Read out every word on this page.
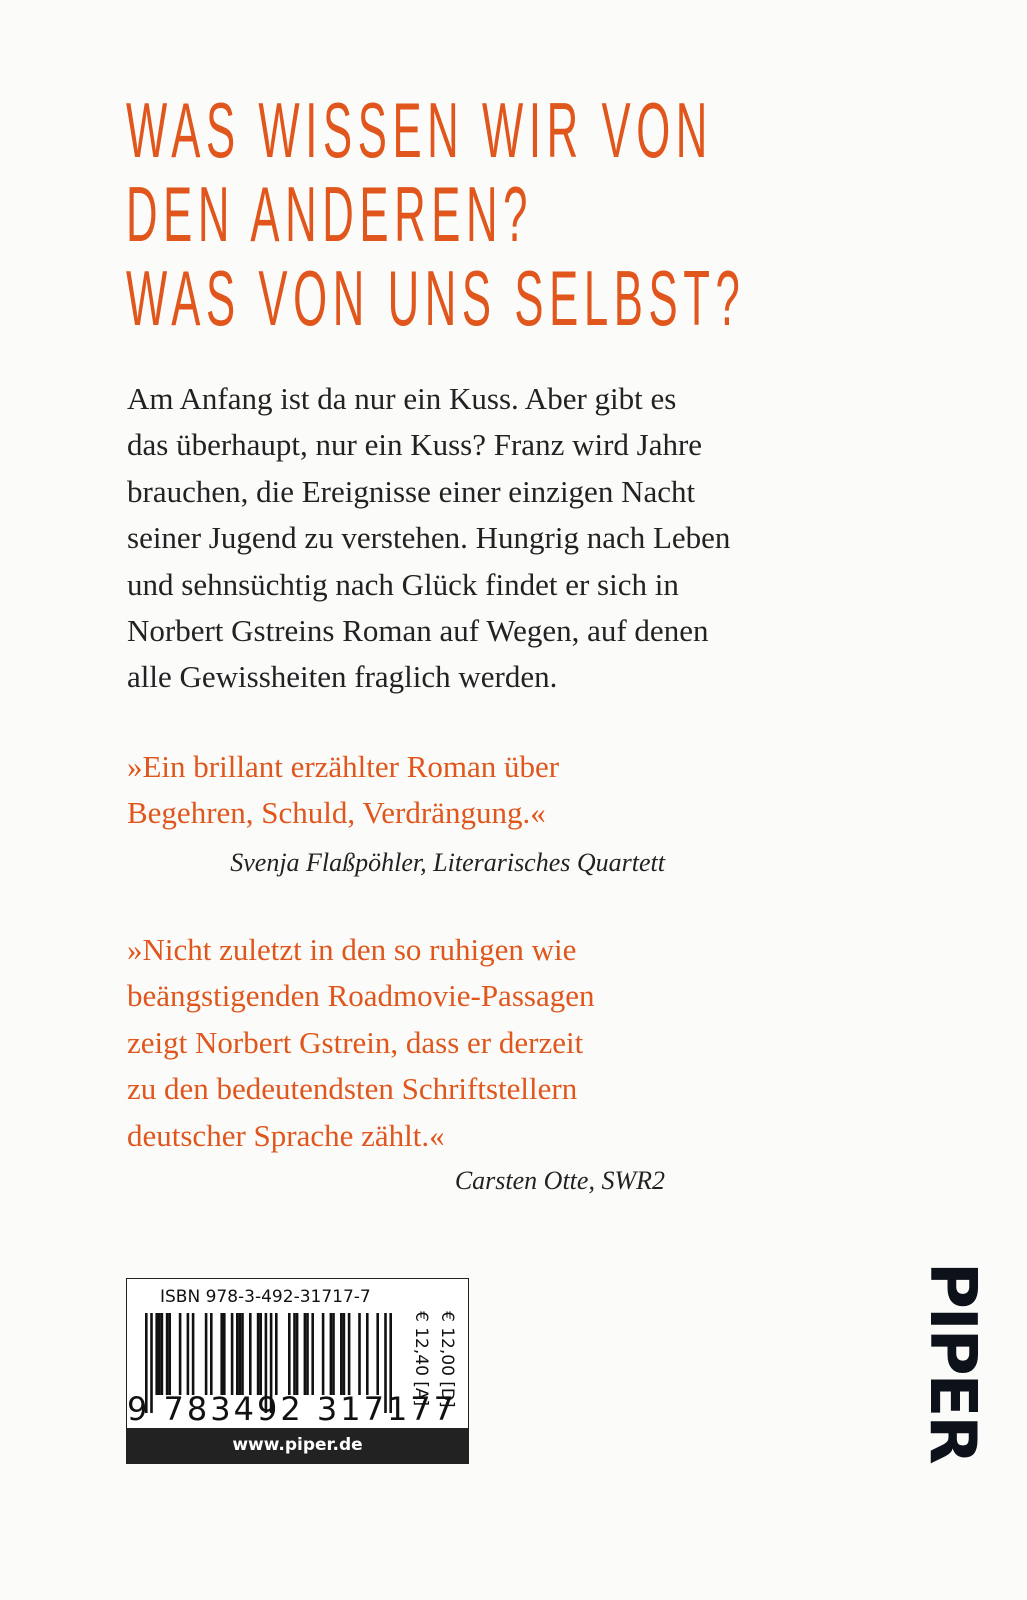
WAS WISSEN WIR VON
DEN ANDEREN?
WAS VON UNS SELBST?
Am Anfang ist da nur ein Kuss. Aber gibt es
das überhaupt, nur ein Kuss? Franz wird Jahre
brauchen, die Ereignisse einer einzigen Nacht
seiner Jugend zu verstehen. Hungrig nach Leben
und sehnsüchtig nach Glück findet er sich in
Norbert Gstreins Roman auf Wegen, auf denen
alle Gewissheiten fraglich werden.
»Ein brillant erzählter Roman über
Begehren, Schuld, Verdrängung.«
Svenja Flaßpöhler, Literarisches Quartett
»Nicht zuletzt in den so ruhigen wie
beängstigenden Roadmovie-Passagen
zeigt Norbert Gstrein, dass er derzeit
zu den bedeutendsten Schriftstellern
deutscher Sprache zählt.«
Carsten Otte, SWR2
ISBN 978-3-492-31717-7
9 783492 317177
€ 12,00 [D]
€ 12,40 [A]
www.piper.de	PIPER
